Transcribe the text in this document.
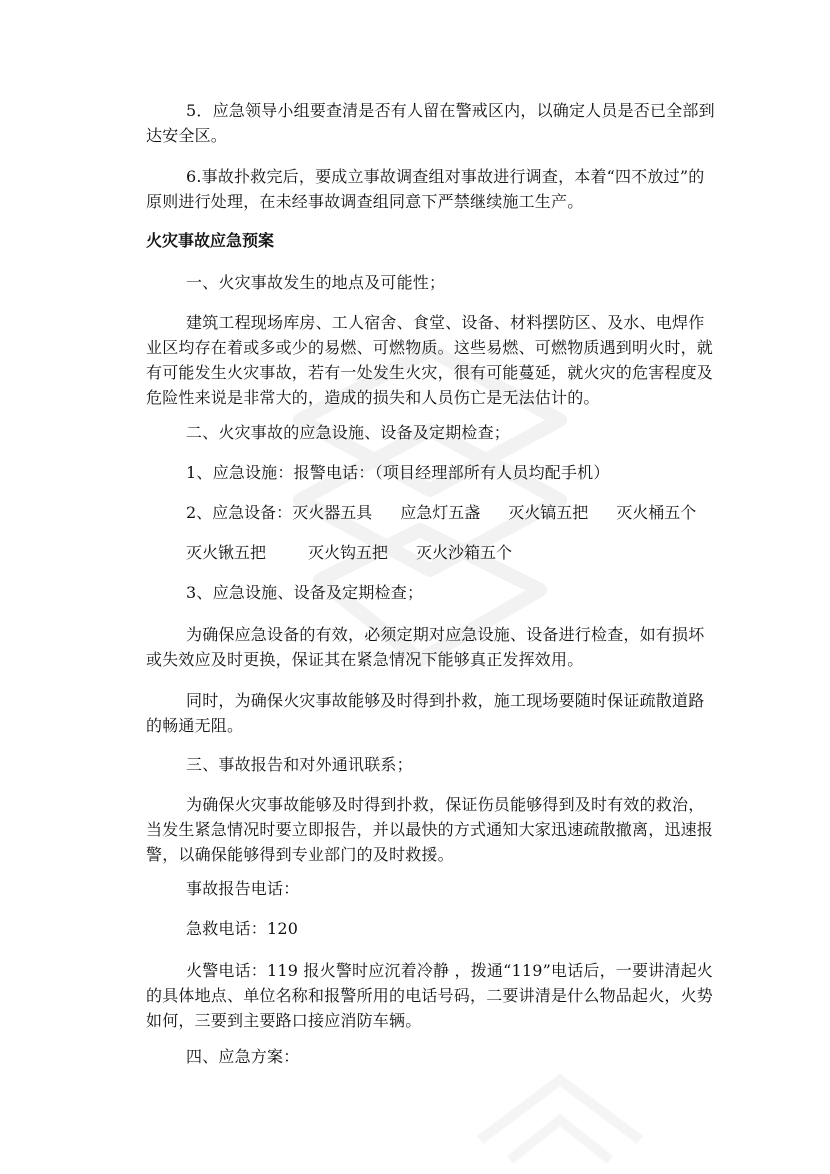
5．应急领导小组要查清是否有人留在警戒区内，以确定人员是否已全部到达安全区。
6.事故扑救完后，要成立事故调查组对事故进行调查，本着“四不放过”的原则进行处理，在未经事故调查组同意下严禁继续施工生产。
火灾事故应急预案
一、火灾事故发生的地点及可能性；
建筑工程现场库房、工人宿舍、食堂、设备、材料摆防区、及水、电焊作业区均存在着或多或少的易燃、可燃物质。这些易燃、可燃物质遇到明火时，就有可能发生火灾事故，若有一处发生火灾，很有可能蔓延，就火灾的危害程度及危险性来说是非常大的，造成的损失和人员伤亡是无法估计的。
二、火灾事故的应急设施、设备及定期检查；
1、应急设施：报警电话：（项目经理部所有人员均配手机）
2、应急设备： 灭火器五具 应急灯五盏 灭火镐五把 灭火桶五个
灭火锹五把	灭火钩五把 灭火沙箱五个
3、应急设施、设备及定期检查；
为确保应急设备的有效，必须定期对应急设施、设备进行检查，如有损坏或失效应及时更换，保证其在紧急情况下能够真正发挥效用。
同时，为确保火灾事故能够及时得到扑救，施工现场要随时保证疏散道路的畅通无阻。
三、事故报告和对外通讯联系；
为确保火灾事故能够及时得到扑救，保证伤员能够得到及时有效的救治，当发生紧急情况时要立即报告，并以最快的方式通知大家迅速疏散撤离，迅速报警，以确保能够得到专业部门的及时救援。
事故报告电话：
急救电话：120
火警电话：119 报火警时应沉着冷静 ，拨通“119”电话后，一要讲清起火的具体地点、单位名称和报警所用的电话号码，二要讲清是什么物品起火，火势如何，三要到主要路口接应消防车辆。
四、应急方案：
